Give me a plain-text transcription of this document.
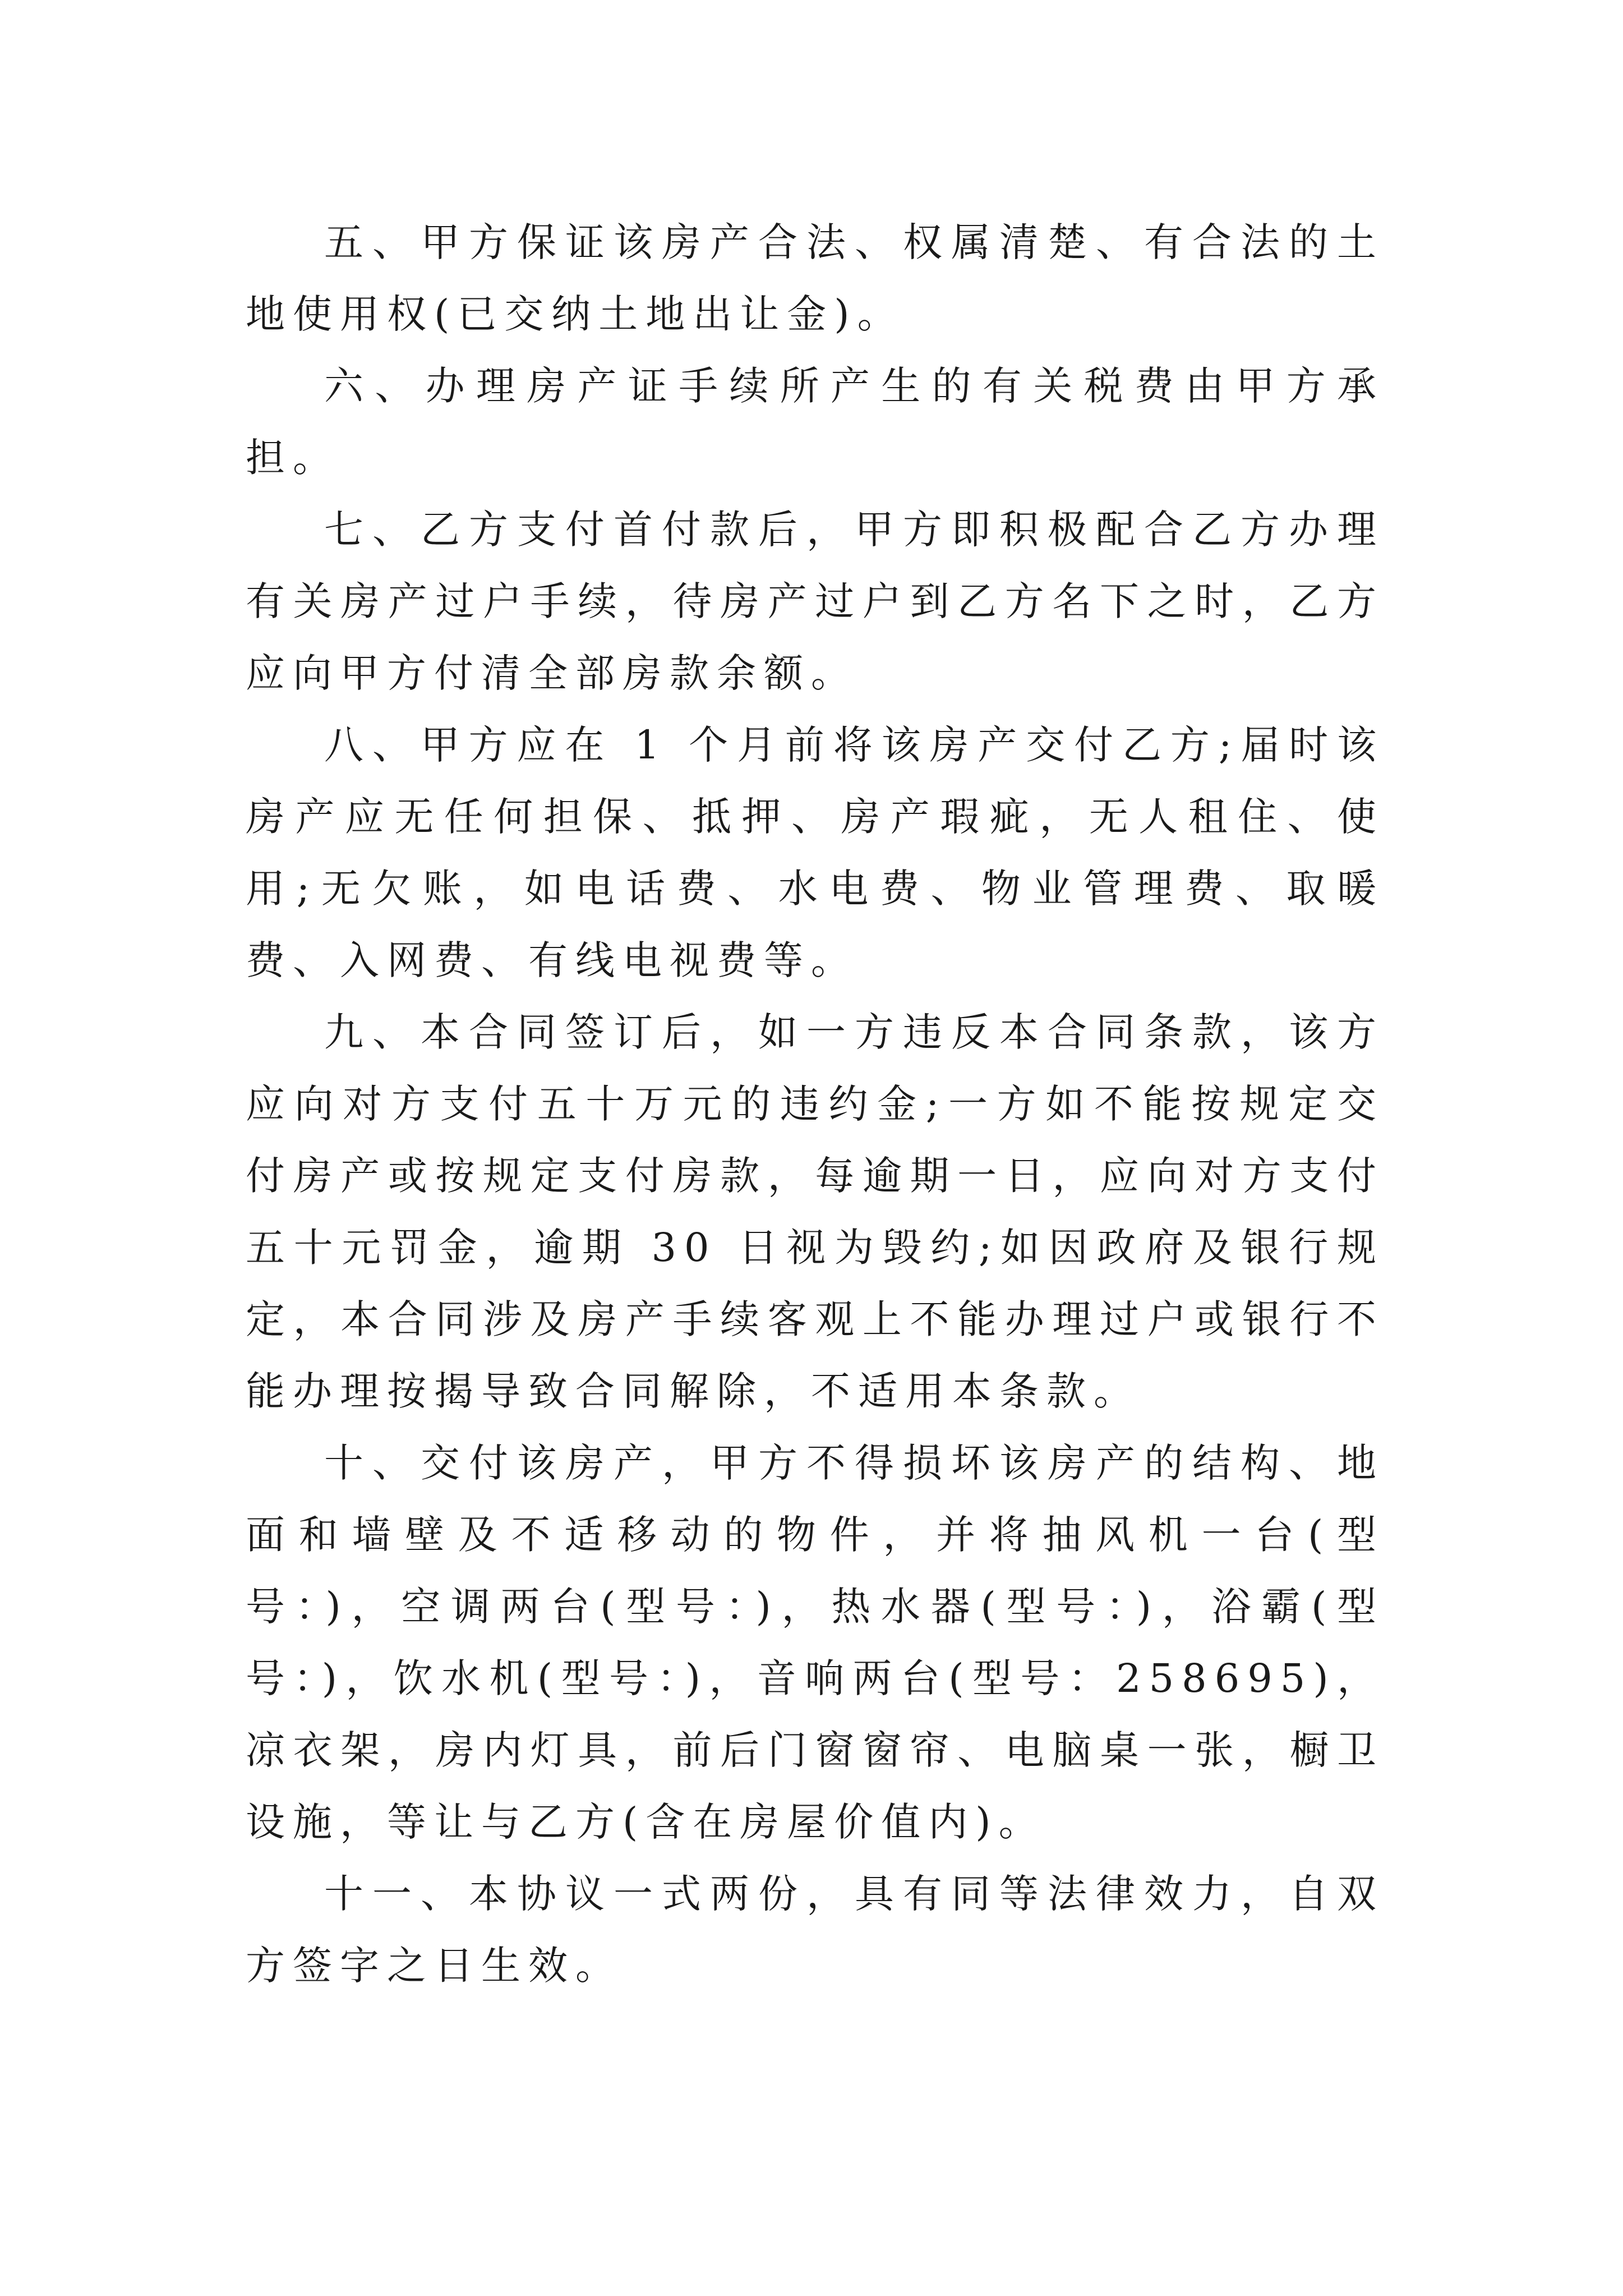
五、甲方保证该房产合法、权属清楚、有合法的土地使用权(已交纳土地出让金)。

六、办理房产证手续所产生的有关税费由甲方承担。

七、乙方支付首付款后，甲方即积极配合乙方办理有关房产过户手续，待房产过户到乙方名下之时，乙方应向甲方付清全部房款余额。

八、甲方应在 1 个月前将该房产交付乙方;届时该房产应无任何担保、抵押、房产瑕疵，无人租住、使用;无欠账，如电话费、水电费、物业管理费、取暖费、入网费、有线电视费等。

九、本合同签订后，如一方违反本合同条款，该方应向对方支付五十万元的违约金;一方如不能按规定交付房产或按规定支付房款，每逾期一日，应向对方支付五十元罚金，逾期 30 日视为毁约;如因政府及银行规定，本合同涉及房产手续客观上不能办理过户或银行不能办理按揭导致合同解除，不适用本条款。

十、交付该房产，甲方不得损坏该房产的结构、地面和墙壁及不适移动的物件，并将抽风机一台(型号：)，空调两台(型号：)，热水器(型号：)，浴霸(型号：)，饮水机(型号：)，音响两台(型号：258695)，凉衣架，房内灯具，前后门窗窗帘、电脑桌一张，橱卫设施，等让与乙方(含在房屋价值内)。

十一、本协议一式两份，具有同等法律效力，自双方签字之日生效。
